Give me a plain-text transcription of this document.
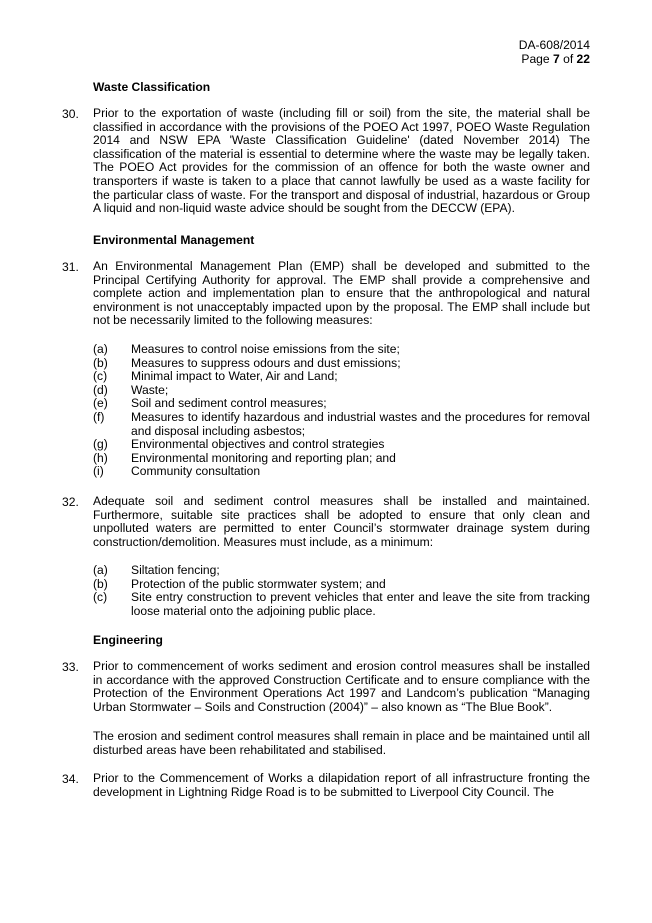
DA-608/2014
Page 7 of 22
Waste Classification
30. Prior to the exportation of waste (including fill or soil) from the site, the material shall be classified in accordance with the provisions of the POEO Act 1997, POEO Waste Regulation 2014 and NSW EPA 'Waste Classification Guideline' (dated November 2014) The classification of the material is essential to determine where the waste may be legally taken. The POEO Act provides for the commission of an offence for both the waste owner and transporters if waste is taken to a place that cannot lawfully be used as a waste facility for the particular class of waste. For the transport and disposal of industrial, hazardous or Group A liquid and non-liquid waste advice should be sought from the DECCW (EPA).
Environmental Management
31. An Environmental Management Plan (EMP) shall be developed and submitted to the Principal Certifying Authority for approval. The EMP shall provide a comprehensive and complete action and implementation plan to ensure that the anthropological and natural environment is not unacceptably impacted upon by the proposal. The EMP shall include but not be necessarily limited to the following measures:
(a) Measures to control noise emissions from the site;
(b) Measures to suppress odours and dust emissions;
(c) Minimal impact to Water, Air and Land;
(d) Waste;
(e) Soil and sediment control measures;
(f) Measures to identify hazardous and industrial wastes and the procedures for removal and disposal including asbestos;
(g) Environmental objectives and control strategies
(h) Environmental monitoring and reporting plan; and
(i) Community consultation
32. Adequate soil and sediment control measures shall be installed and maintained. Furthermore, suitable site practices shall be adopted to ensure that only clean and unpolluted waters are permitted to enter Council’s stormwater drainage system during construction/demolition. Measures must include, as a minimum:
(a) Siltation fencing;
(b) Protection of the public stormwater system; and
(c) Site entry construction to prevent vehicles that enter and leave the site from tracking loose material onto the adjoining public place.
Engineering
33. Prior to commencement of works sediment and erosion control measures shall be installed in accordance with the approved Construction Certificate and to ensure compliance with the Protection of the Environment Operations Act 1997 and Landcom’s publication “Managing Urban Stormwater – Soils and Construction (2004)” – also known as “The Blue Book”.
The erosion and sediment control measures shall remain in place and be maintained until all disturbed areas have been rehabilitated and stabilised.
34. Prior to the Commencement of Works a dilapidation report of all infrastructure fronting the development in Lightning Ridge Road is to be submitted to Liverpool City Council. The
